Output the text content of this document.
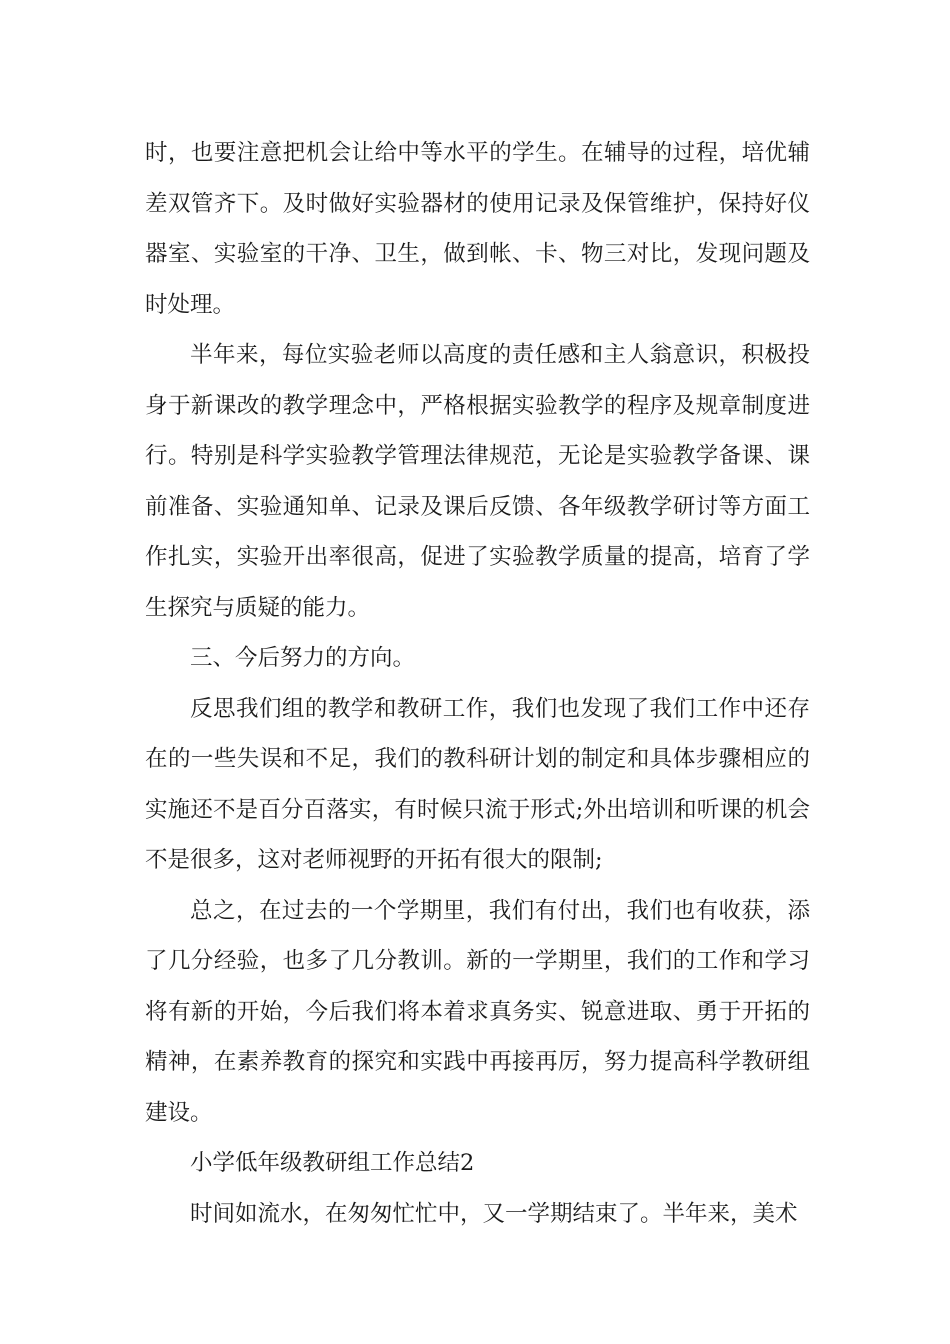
时，也要注意把机会让给中等水平的学生。在辅导的过程，培优辅差双管齐下。及时做好实验器材的使用记录及保管维护，保持好仪器室、实验室的干净、卫生，做到帐、卡、物三对比，发现问题及时处理。

半年来，每位实验老师以高度的责任感和主人翁意识，积极投身于新课改的教学理念中，严格根据实验教学的程序及规章制度进行。特别是科学实验教学管理法律规范，无论是实验教学备课、课前准备、实验通知单、记录及课后反馈、各年级教学研讨等方面工作扎实，实验开出率很高，促进了实验教学质量的提高，培育了学生探究与质疑的能力。

三、今后努力的方向。

反思我们组的教学和教研工作，我们也发现了我们工作中还存在的一些失误和不足，我们的教科研计划的制定和具体步骤相应的实施还不是百分百落实，有时候只流于形式;外出培训和听课的机会不是很多，这对老师视野的开拓有很大的限制;

总之，在过去的一个学期里，我们有付出，我们也有收获，添了几分经验，也多了几分教训。新的一学期里，我们的工作和学习将有新的开始，今后我们将本着求真务实、锐意进取、勇于开拓的精神，在素养教育的探究和实践中再接再厉，努力提高科学教研组建设。

小学低年级教研组工作总结2

时间如流水，在匆匆忙忙中，又一学期结束了。半年来，美术
